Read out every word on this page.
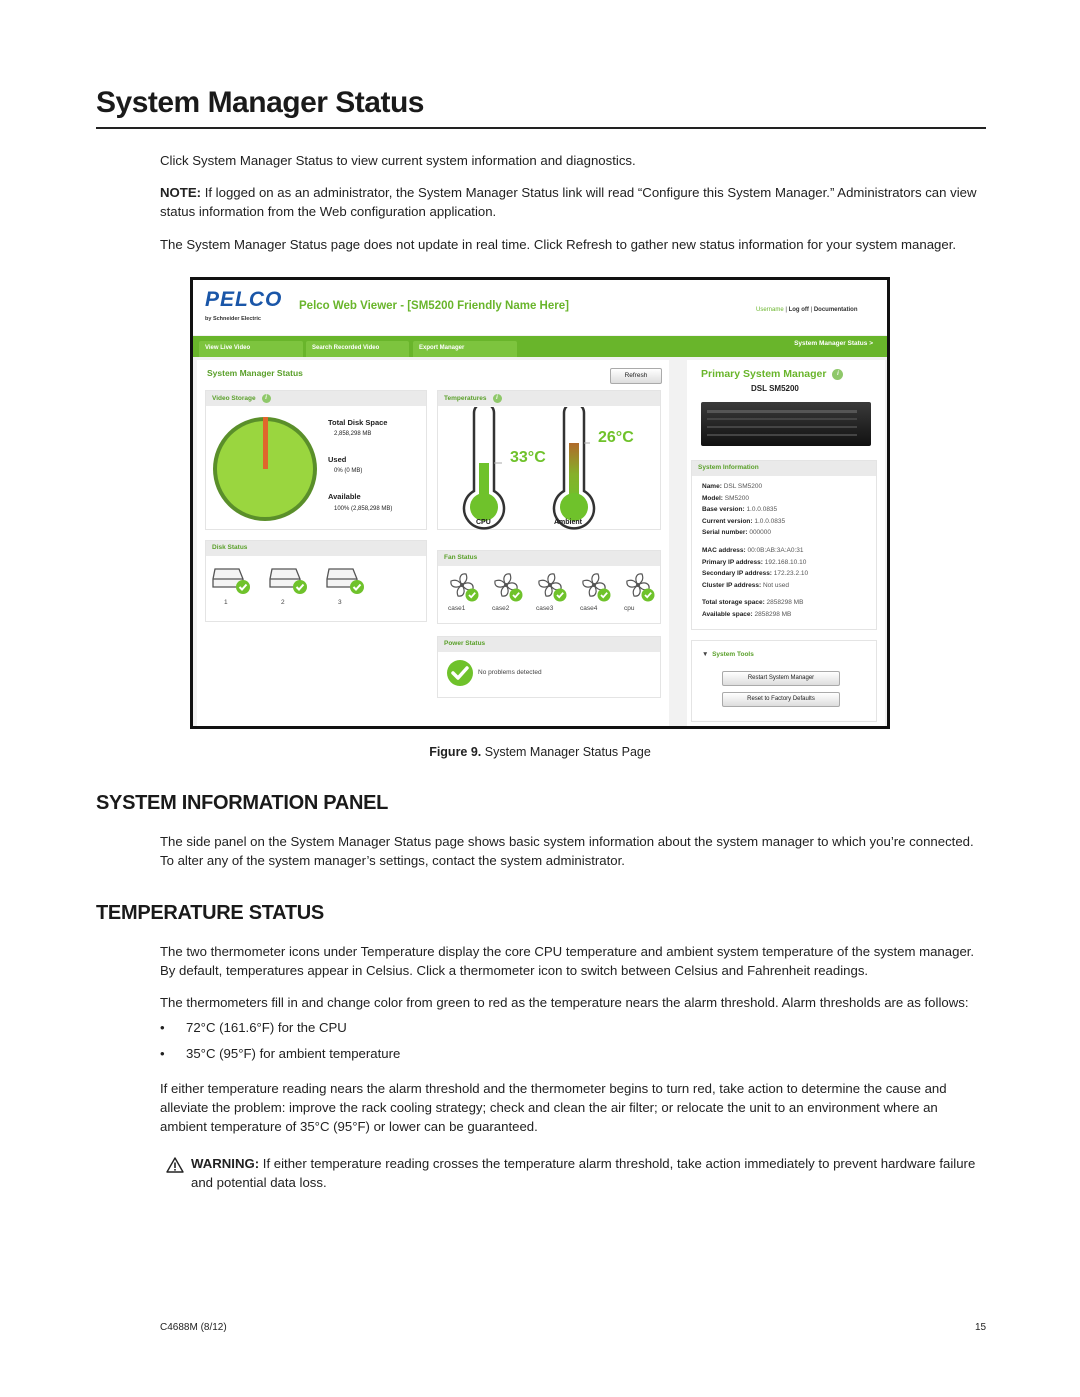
System Manager Status
Click System Manager Status to view current system information and diagnostics.
NOTE: If logged on as an administrator, the System Manager Status link will read “Configure this System Manager.” Administrators can view status information from the Web configuration application.
The System Manager Status page does not update in real time. Click Refresh to gather new status information for your system manager.
PELCO
by Schneider Electric
Pelco Web Viewer - [SM5200 Friendly Name Here]	Username | Log off | Documentation
View Live Video	Search Recorded Video	Export Manager
System Manager Status >
System Manager Status	Refresh
Video Storage i
Total Disk Space
2,858,298 MB
Used
0% (0 MB)
Available
100% (2,858,298 MB)
Temperatures i
33°C
26°C
CPU	Ambient
Disk Status
1	2	3
Fan Status
case1	case2	case3	case4	cpu
Power Status
No problems detected
Primary System Manager i
DSL SM5200
System Information
Name: DSL SM5200
Model: SM5200
Base version: 1.0.0.0835
Current version: 1.0.0.0835
Serial number: 000000
MAC address: 00:0B:AB:3A:A0:31
Primary IP address: 192.168.10.10
Secondary IP address: 172.23.2.10
Cluster IP address: Not used
Total storage space: 2858298 MB
Available space: 2858298 MB
▼ System Tools
Restart System Manager
Reset to Factory Defaults
Figure 9. System Manager Status Page
SYSTEM INFORMATION PANEL
The side panel on the System Manager Status page shows basic system information about the system manager to which you’re connected. To alter any of the system manager’s settings, contact the system administrator.
TEMPERATURE STATUS
The two thermometer icons under Temperature display the core CPU temperature and ambient system temperature of the system manager. By default, temperatures appear in Celsius. Click a thermometer icon to switch between Celsius and Fahrenheit readings.
The thermometers fill in and change color from green to red as the temperature nears the alarm threshold. Alarm thresholds are as follows:
• 72°C (161.6°F) for the CPU
• 35°C (95°F) for ambient temperature
If either temperature reading nears the alarm threshold and the thermometer begins to turn red, take action to determine the cause and alleviate the problem: improve the rack cooling strategy; check and clean the air filter; or relocate the unit to an environment where an ambient temperature of 35°C (95°F) or lower can be guaranteed.
WARNING: If either temperature reading crosses the temperature alarm threshold, take action immediately to prevent hardware failure and potential data loss.
C4688M (8/12)	15
